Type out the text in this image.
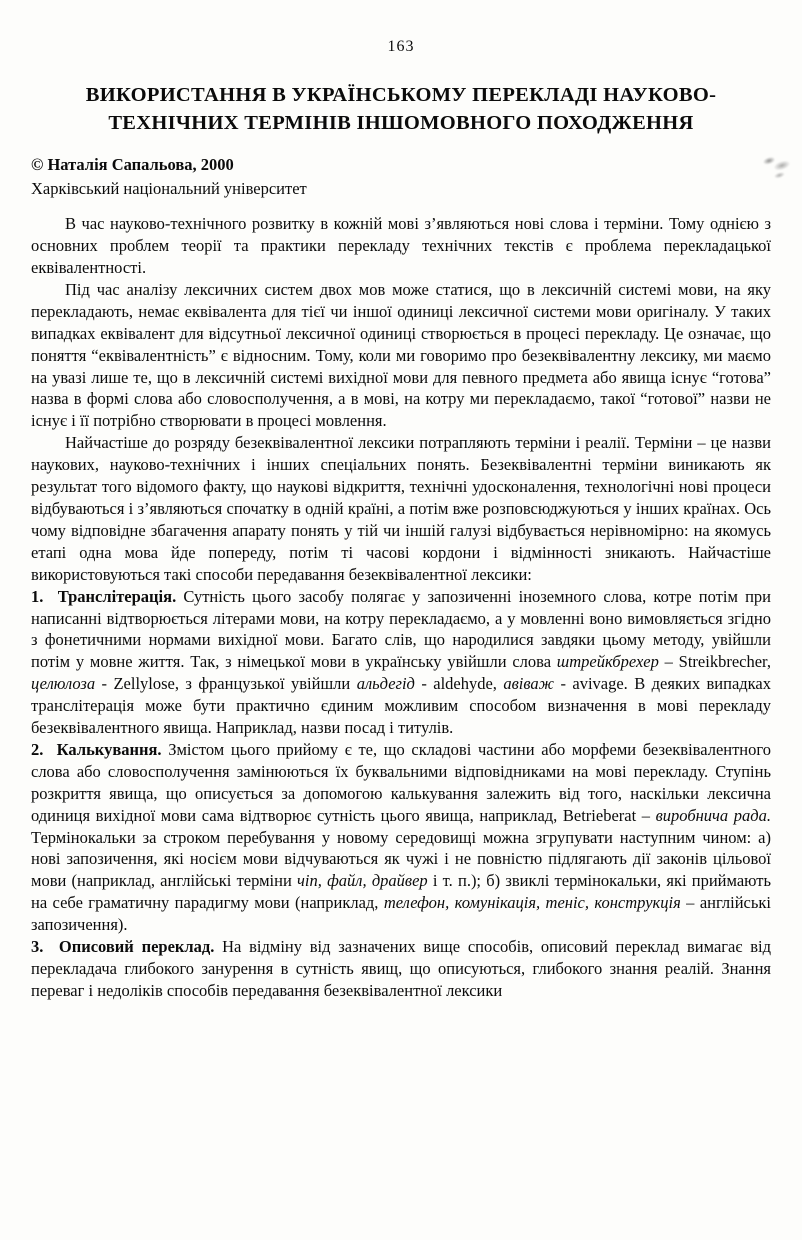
163
ВИКОРИСТАННЯ В УКРАЇНСЬКОМУ ПЕРЕКЛАДІ НАУКОВО-
ТЕХНІЧНИХ ТЕРМІНІВ ІНШОМОВНОГО ПОХОДЖЕННЯ
© Наталія Сапальова, 2000
Харківський національний університет

В час науково-технічного розвитку в кожній мові з’являються нові слова і терміни. Тому однією з основних проблем теорії та практики перекладу технічних текстів є проблема перекладацької еквівалентності.

Під час аналізу лексичних систем двох мов може статися, що в лексичній системі мови, на яку перекладають, немає еквівалента для тієї чи іншої одиниці лексичної системи мови оригіналу. У таких випадках еквівалент для відсутньої лексичної одиниці створюється в процесі перекладу. Це означає, що поняття “еквівалентність” є відносним. Тому, коли ми говоримо про безеквівалентну лексику, ми маємо на увазі лише те, що в лексичній системі вихідної мови для певного предмета або явища існує “готова” назва в формі слова або словосполучення, а в мові, на котру ми перекладаємо, такої “готової” назви не існує і її потрібно створювати в процесі мовлення.

Найчастіше до розряду безеквівалентної лексики потрапляють терміни і реалії. Терміни – це назви наукових, науково-технічних і інших спеціальних понять. Безеквівалентні терміни виникають як результат того відомого факту, що наукові відкриття, технічні удосконалення, технологічні нові процеси відбуваються і з’являються спочатку в одній країні, а потім вже розповсюджуються у інших країнах. Ось чому відповідне збагачення апарату понять у тій чи іншій галузі відбувається нерівномірно: на якомусь етапі одна мова йде попереду, потім ті часові кордони і відмінності зникають. Найчастіше використовуються такі способи передавання безеквівалентної лексики:

1.  Транслітерація. Сутність цього засобу полягає у запозиченні іноземного слова, котре потім при написанні відтворюється літерами мови, на котру перекладаємо, а у мовленні воно вимовляється згідно з фонетичними нормами вихідної мови. Багато слів, що народилися завдяки цьому методу, увійшли потім у мовне життя. Так, з німецької мови в українську увійшли слова штрейкбрехер – Streikbrecher, целюлоза - Zellylose, з французької увійшли альдегід - aldehyde, авіваж - avivage. В деяких випадках транслітерація може бути практично єдиним можливим способом визначення в мові перекладу безеквівалентного явища. Наприклад, назви посад і титулів.

2.  Калькування. Змістом цього прийому є те, що складові частини або морфеми безеквівалентного слова або словосполучення замінюються їх буквальними відповідниками на мові перекладу. Ступінь розкриття явища, що описується за допомогою калькування залежить від того, наскільки лексична одиниця вихідної мови сама відтворює сутність цього явища, наприклад, Betrieberat – виробнича рада. Термінокальки за строком перебування у новому середовищі можна згрупувати наступним чином: а) нові запозичення, які носієм мови відчуваються як чужі і не повністю підлягають дії законів цільової мови (наприклад, англійські терміни чіп, файл, драйвер і т. п.); б) звиклі термінокальки, які приймають на себе граматичну парадигму мови (наприклад, телефон, комунікація, теніс, конструкція – англійські запозичення).

3.  Описовий переклад. На відміну від зазначених вище способів, описовий переклад вимагає від перекладача глибокого занурення в сутність явищ, що описуються, глибокого знання реалій. Знання переваг і недоліків способів передавання безеквівалентної лексики
